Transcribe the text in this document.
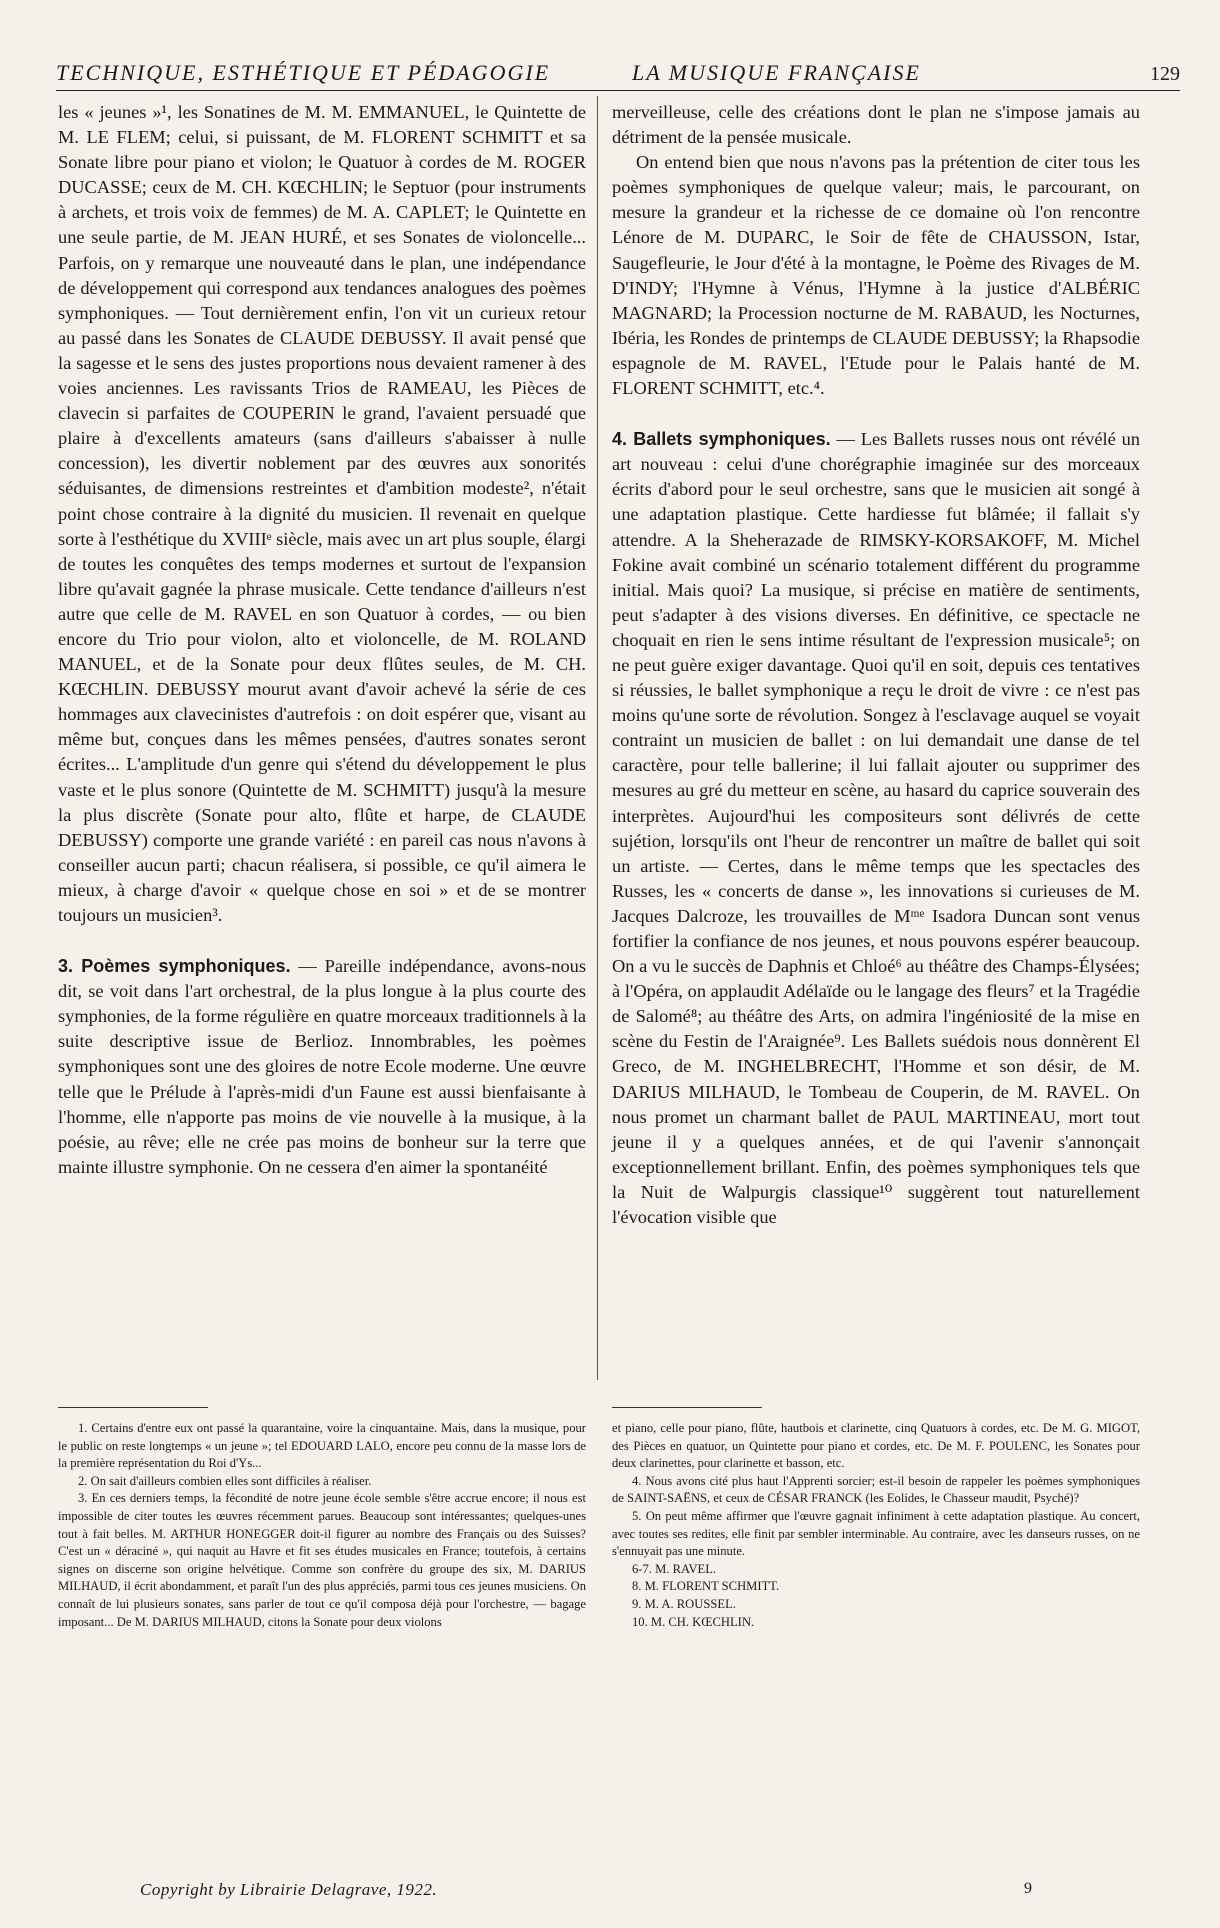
TECHNIQUE, ESTHÉTIQUE ET PÉDAGOGIE	LA MUSIQUE FRANÇAISE	129

les « jeunes »¹, les Sonatines de M. M. EMMANUEL, le Quintette de M. LE FLEM; celui, si puissant, de M. FLORENT SCHMITT et sa Sonate libre pour piano et violon; le Quatuor à cordes de M. ROGER DUCASSE; ceux de M. CH. KŒCHLIN; le Septuor (pour instruments à archets, et trois voix de femmes) de M. A. CAPLET; le Quintette en une seule partie, de M. JEAN HURÉ, et ses Sonates de violoncelle... Parfois, on y remarque une nouveauté dans le plan, une indépendance de développement qui correspond aux tendances analogues des poèmes symphoniques. — Tout dernièrement enfin, l'on vit un curieux retour au passé dans les Sonates de CLAUDE DEBUSSY. Il avait pensé que la sagesse et le sens des justes proportions nous devaient ramener à des voies anciennes. Les ravissants Trios de RAMEAU, les Pièces de clavecin si parfaites de COUPERIN le grand, l'avaient persuadé que plaire à d'excellents amateurs (sans d'ailleurs s'abaisser à nulle concession), les divertir noblement par des œuvres aux sonorités séduisantes, de dimensions restreintes et d'ambition modeste², n'était point chose contraire à la dignité du musicien. Il revenait en quelque sorte à l'esthétique du XVIIIᵉ siècle, mais avec un art plus souple, élargi de toutes les conquêtes des temps modernes et surtout de l'expansion libre qu'avait gagnée la phrase musicale. Cette tendance d'ailleurs n'est autre que celle de M. RAVEL en son Quatuor à cordes, — ou bien encore du Trio pour violon, alto et violoncelle, de M. ROLAND MANUEL, et de la Sonate pour deux flûtes seules, de M. CH. KŒCHLIN. DEBUSSY mourut avant d'avoir achevé la série de ces hommages aux clavecinistes d'autrefois : on doit espérer que, visant au même but, conçues dans les mêmes pensées, d'autres sonates seront écrites... L'amplitude d'un genre qui s'étend du développement le plus vaste et le plus sonore (Quintette de M. SCHMITT) jusqu'à la mesure la plus discrète (Sonate pour alto, flûte et harpe, de CLAUDE DEBUSSY) comporte une grande variété : en pareil cas nous n'avons à conseiller aucun parti; chacun réalisera, si possible, ce qu'il aimera le mieux, à charge d'avoir « quelque chose en soi » et de se montrer toujours un musicien³.

3. Poèmes symphoniques. — Pareille indépendance, avons-nous dit, se voit dans l'art orchestral, de la plus longue à la plus courte des symphonies, de la forme régulière en quatre morceaux traditionnels à la suite descriptive issue de Berlioz. Innombrables, les poèmes symphoniques sont une des gloires de notre Ecole moderne. Une œuvre telle que le Prélude à l'après-midi d'un Faune est aussi bienfaisante à l'homme, elle n'apporte pas moins de vie nouvelle à la musique, à la poésie, au rêve; elle ne crée pas moins de bonheur sur la terre que mainte illustre symphonie. On ne cessera d'en aimer la spontanéité

merveilleuse, celle des créations dont le plan ne s'impose jamais au détriment de la pensée musicale.

On entend bien que nous n'avons pas la prétention de citer tous les poèmes symphoniques de quelque valeur; mais, le parcourant, on mesure la grandeur et la richesse de ce domaine où l'on rencontre Lénore de M. DUPARC, le Soir de fête de CHAUSSON, Istar, Saugefleurie, le Jour d'été à la montagne, le Poème des Rivages de M. D'INDY; l'Hymne à Vénus, l'Hymne à la justice d'ALBÉRIC MAGNARD; la Procession nocturne de M. RABAUD, les Nocturnes, Ibéria, les Rondes de printemps de CLAUDE DEBUSSY; la Rhapsodie espagnole de M. RAVEL, l'Etude pour le Palais hanté de M. FLORENT SCHMITT, etc.⁴.

4. Ballets symphoniques. — Les Ballets russes nous ont révélé un art nouveau : celui d'une chorégraphie imaginée sur des morceaux écrits d'abord pour le seul orchestre, sans que le musicien ait songé à une adaptation plastique. Cette hardiesse fut blâmée; il fallait s'y attendre. A la Sheherazade de RIMSKY-KORSAKOFF, M. Michel Fokine avait combiné un scénario totalement différent du programme initial. Mais quoi? La musique, si précise en matière de sentiments, peut s'adapter à des visions diverses. En définitive, ce spectacle ne choquait en rien le sens intime résultant de l'expression musicale⁵; on ne peut guère exiger davantage. Quoi qu'il en soit, depuis ces tentatives si réussies, le ballet symphonique a reçu le droit de vivre : ce n'est pas moins qu'une sorte de révolution. Songez à l'esclavage auquel se voyait contraint un musicien de ballet : on lui demandait une danse de tel caractère, pour telle ballerine; il lui fallait ajouter ou supprimer des mesures au gré du metteur en scène, au hasard du caprice souverain des interprètes. Aujourd'hui les compositeurs sont délivrés de cette sujétion, lorsqu'ils ont l'heur de rencontrer un maître de ballet qui soit un artiste. — Certes, dans le même temps que les spectacles des Russes, les « concerts de danse », les innovations si curieuses de M. Jacques Dalcroze, les trouvailles de Mᵐᵉ Isadora Duncan sont venus fortifier la confiance de nos jeunes, et nous pouvons espérer beaucoup. On a vu le succès de Daphnis et Chloé⁶ au théâtre des Champs-Élysées; à l'Opéra, on applaudit Adélaïde ou le langage des fleurs⁷ et la Tragédie de Salomé⁸; au théâtre des Arts, on admira l'ingéniosité de la mise en scène du Festin de l'Araignée⁹. Les Ballets suédois nous donnèrent El Greco, de M. INGHELBRECHT, l'Homme et son désir, de M. DARIUS MILHAUD, le Tombeau de Couperin, de M. RAVEL. On nous promet un charmant ballet de PAUL MARTINEAU, mort tout jeune il y a quelques années, et de qui l'avenir s'annonçait exceptionnellement brillant. Enfin, des poèmes symphoniques tels que la Nuit de Walpurgis classique¹⁰ suggèrent tout naturellement l'évocation visible que

1. Certains d'entre eux ont passé la quarantaine, voire la cinquantaine. Mais, dans la musique, pour le public on reste longtemps « un jeune »; tel EDOUARD LALO, encore peu connu de la masse lors de la première représentation du Roi d'Ys...

2. On sait d'ailleurs combien elles sont difficiles à réaliser.

3. En ces derniers temps, la fécondité de notre jeune école semble s'être accrue encore; il nous est impossible de citer toutes les œuvres récemment parues. Beaucoup sont intéressantes; quelques-unes tout à fait belles. M. ARTHUR HONEGGER doit-il figurer au nombre des Français ou des Suisses? C'est un « déraciné », qui naquit au Havre et fit ses études musicales en France; toutefois, à certains signes on discerne son origine helvétique. Comme son confrère du groupe des six, M. DARIUS MILHAUD, il écrit abondamment, et paraît l'un des plus appréciés, parmi tous ces jeunes musiciens. On connaît de lui plusieurs sonates, sans parler de tout ce qu'il composa déjà pour l'orchestre, — bagage imposant... De M. DARIUS MILHAUD, citons la Sonate pour deux violons

et piano, celle pour piano, flûte, hautbois et clarinette, cinq Quatuors à cordes, etc. De M. G. MIGOT, des Pièces en quatuor, un Quintette pour piano et cordes, etc. De M. F. POULENC, les Sonates pour deux clarinettes, pour clarinette et basson, etc.

4. Nous avons cité plus haut l'Apprenti sorcier; est-il besoin de rappeler les poèmes symphoniques de SAINT-SAËNS, et ceux de CÉSAR FRANCK (les Eolides, le Chasseur maudit, Psyché)?

5. On peut même affirmer que l'œuvre gagnait infiniment à cette adaptation plastique. Au concert, avec toutes ses redites, elle finit par sembler interminable. Au contraire, avec les danseurs russes, on ne s'ennuyait pas une minute.

6-7. M. RAVEL.

8. M. FLORENT SCHMITT.

9. M. A. ROUSSEL.

10. M. CH. KŒCHLIN.

Copyright by Librairie Delagrave, 1922.	9
